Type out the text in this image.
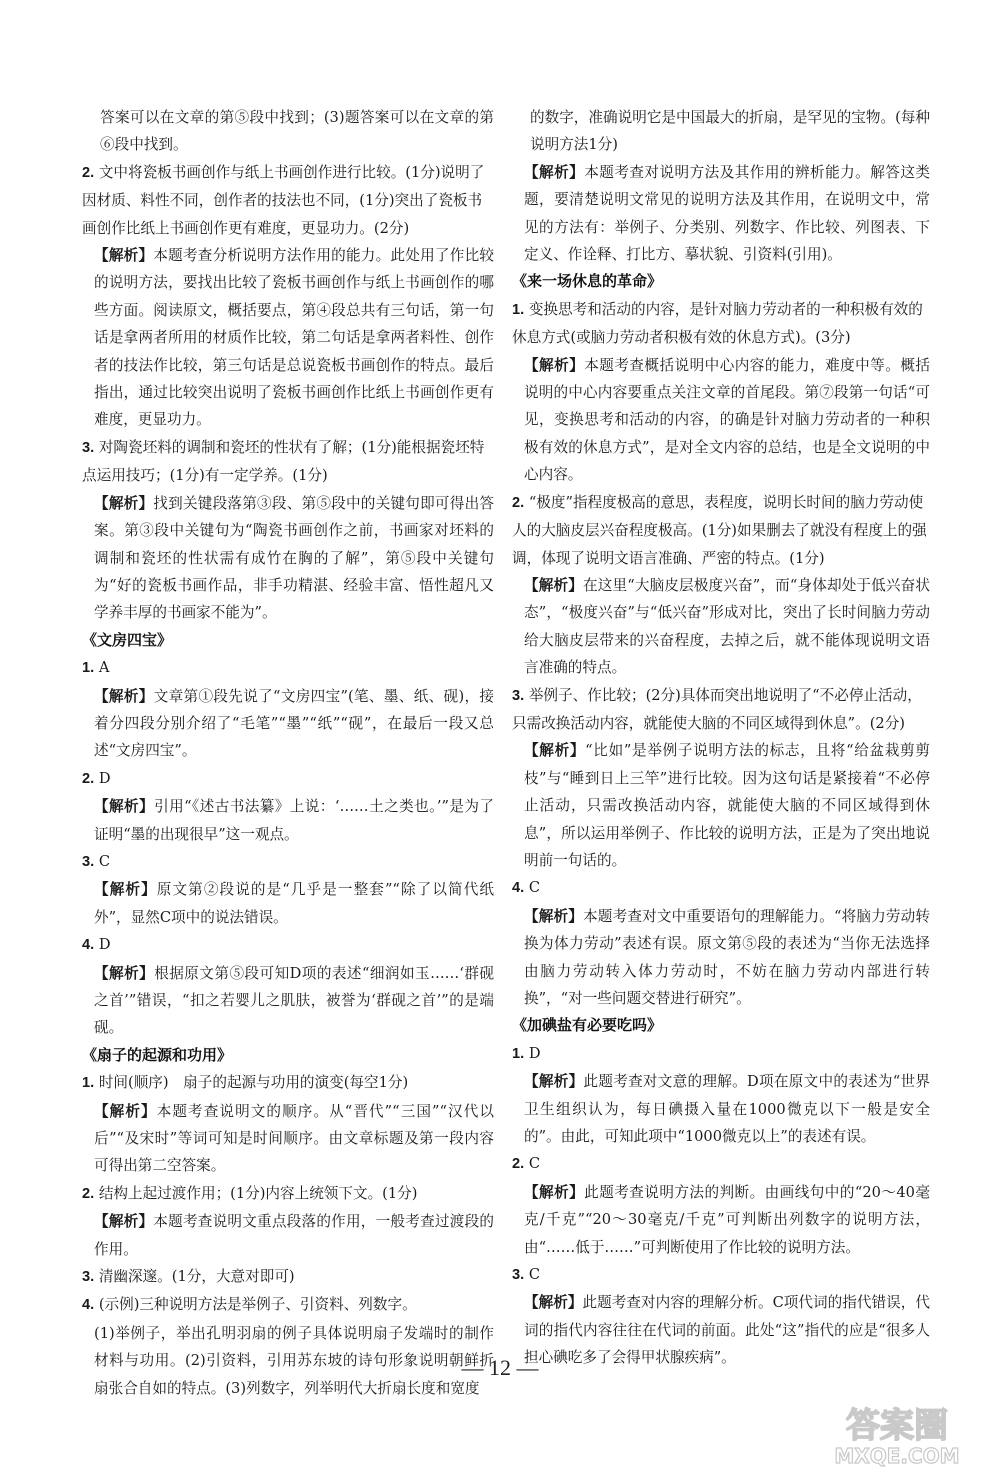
答案可以在文章的第⑤段中找到；(3)题答案可以在文章的第⑥段中找到。
2. 文中将瓷板书画创作与纸上书画创作进行比较。(1分)说明了因材质、料性不同，创作者的技法也不同，(1分)突出了瓷板书画创作比纸上书画创作更有难度，更显功力。(2分)
【解析】本题考查分析说明方法作用的能力。此处用了作比较的说明方法，要找出比较了瓷板书画创作与纸上书画创作的哪些方面。阅读原文，概括要点，第④段总共有三句话，第一句话是拿两者所用的材质作比较，第二句话是拿两者料性、创作者的技法作比较，第三句话是总说瓷板书画创作的特点。最后指出，通过比较突出说明了瓷板书画创作比纸上书画创作更有难度，更显功力。
3. 对陶瓷坯料的调制和瓷坯的性状有了解；(1分)能根据瓷坯特点运用技巧；(1分)有一定学养。(1分)
【解析】找到关键段落第③段、第⑤段中的关键句即可得出答案。第③段中关键句为“陶瓷书画创作之前，书画家对坯料的调制和瓷坯的性状需有成竹在胸的了解”，第⑤段中关键句为“好的瓷板书画作品，非手功精湛、经验丰富、悟性超凡又学养丰厚的书画家不能为”。
《文房四宝》
1. A
【解析】文章第①段先说了“文房四宝”(笔、墨、纸、砚)，接着分四段分别介绍了“毛笔”“墨”“纸”“砚”，在最后一段又总述“文房四宝”。
2. D
【解析】引用“《述古书法纂》上说：‘……土之类也。’”是为了证明“墨的出现很早”这一观点。
3. C
【解析】原文第②段说的是“几乎是一整套”“除了以简代纸外”，显然C项中的说法错误。
4. D
【解析】根据原文第⑤段可知D项的表述“细润如玉……‘群砚之首’”错误，“扣之若婴儿之肌肤，被誉为‘群砚之首’”的是端砚。
《扇子的起源和功用》
1. 时间(顺序)　扇子的起源与功用的演变(每空1分)
【解析】本题考查说明文的顺序。从“晋代”“三国”“汉代以后”“及宋时”等词可知是时间顺序。由文章标题及第一段内容可得出第二空答案。
2. 结构上起过渡作用；(1分)内容上统领下文。(1分)
【解析】本题考查说明文重点段落的作用，一般考查过渡段的作用。
3. 清幽深邃。(1分，大意对即可)
4. (示例)三种说明方法是举例子、引资料、列数字。
(1)举例子，举出孔明羽扇的例子具体说明扇子发端时的制作材料与功用。(2)引资料，引用苏东坡的诗句形象说明朝鲜折扇张合自如的特点。(3)列数字，列举明代大折扇长度和宽度
的数字，准确说明它是中国最大的折扇，是罕见的宝物。(每种说明方法1分)
【解析】本题考查对说明方法及其作用的辨析能力。解答这类题，要清楚说明文常见的说明方法及其作用，在说明文中，常见的方法有：举例子、分类别、列数字、作比较、列图表、下定义、作诠释、打比方、摹状貌、引资料(引用)。
《来一场休息的革命》
1. 变换思考和活动的内容，是针对脑力劳动者的一种积极有效的休息方式(或脑力劳动者积极有效的休息方式)。(3分)
【解析】本题考查概括说明中心内容的能力，难度中等。概括说明的中心内容要重点关注文章的首尾段。第⑦段第一句话“可见，变换思考和活动的内容，的确是针对脑力劳动者的一种积极有效的休息方式”，是对全文内容的总结，也是全文说明的中心内容。
2. “极度”指程度极高的意思，表程度，说明长时间的脑力劳动使人的大脑皮层兴奋程度极高。(1分)如果删去了就没有程度上的强调，体现了说明文语言准确、严密的特点。(1分)
【解析】在这里“大脑皮层极度兴奋”，而“身体却处于低兴奋状态”，“极度兴奋”与“低兴奋”形成对比，突出了长时间脑力劳动给大脑皮层带来的兴奋程度，去掉之后，就不能体现说明文语言准确的特点。
3. 举例子、作比较；(2分)具体而突出地说明了“不必停止活动，只需改换活动内容，就能使大脑的不同区域得到休息”。(2分)
【解析】“比如”是举例子说明方法的标志，且将“给盆栽剪剪枝”与“睡到日上三竿”进行比较。因为这句话是紧接着“不必停止活动，只需改换活动内容，就能使大脑的不同区域得到休息”，所以运用举例子、作比较的说明方法，正是为了突出地说明前一句话的。
4. C
【解析】本题考查对文中重要语句的理解能力。“将脑力劳动转换为体力劳动”表述有误。原文第⑤段的表述为“当你无法选择由脑力劳动转入体力劳动时，不妨在脑力劳动内部进行转换”，“对一些问题交替进行研究”。
《加碘盐有必要吃吗》
1. D
【解析】此题考查对文意的理解。D项在原文中的表述为“世界卫生组织认为，每日碘摄入量在1000微克以下一般是安全的”。由此，可知此项中“1000微克以上”的表述有误。
2. C
【解析】此题考查说明方法的判断。由画线句中的“20～40毫克/千克”“20～30毫克/千克”可判断出列数字的说明方法，由“……低于……”可判断使用了作比较的说明方法。
3. C
【解析】此题考查对内容的理解分析。C项代词的指代错误，代词的指代内容往往在代词的前面。此处“这”指代的应是“很多人担心碘吃多了会得甲状腺疾病”。
— 12 —
答案圈
MXQE.COM
